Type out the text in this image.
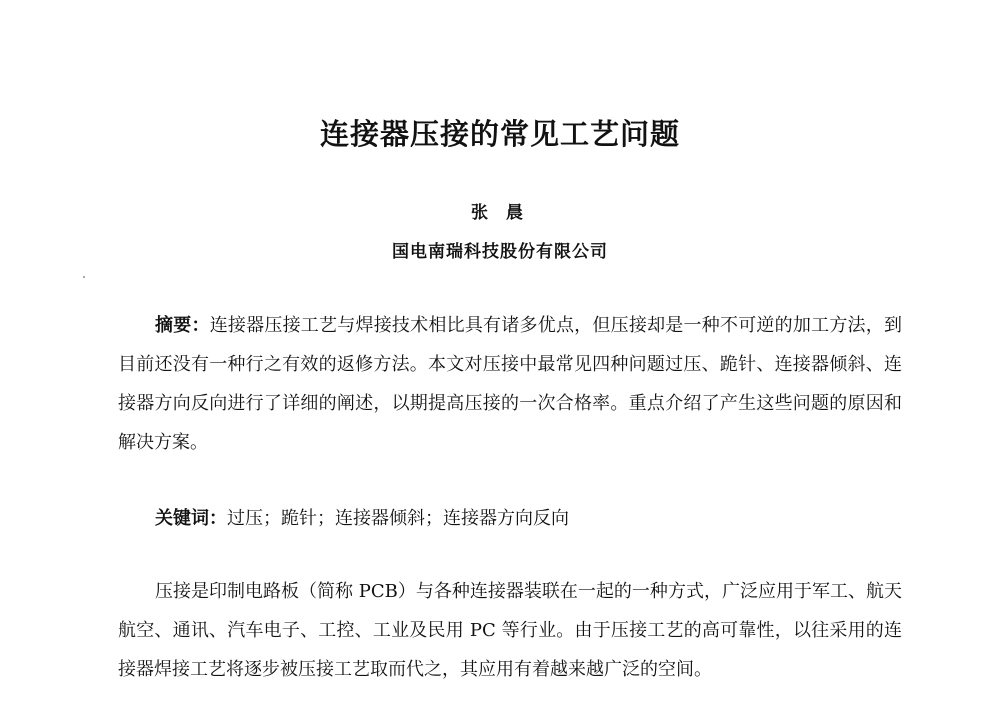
连接器压接的常见工艺问题
张 晨
国电南瑞科技股份有限公司

摘要：连接器压接工艺与焊接技术相比具有诸多优点，但压接却是一种不可逆的加工方法，到目前还没有一种行之有效的返修方法。本文对压接中最常见四种问题过压、跪针、连接器倾斜、连接器方向反向进行了详细的阐述，以期提高压接的一次合格率。重点介绍了产生这些问题的原因和解决方案。

关键词：过压；跪针；连接器倾斜；连接器方向反向

压接是印制电路板（简称 PCB）与各种连接器装联在一起的一种方式，广泛应用于军工、航天航空、通讯、汽车电子、工控、工业及民用 PC 等行业。由于压接工艺的高可靠性，以往采用的连接器焊接工艺将逐步被压接工艺取而代之，其应用有着越来越广泛的空间。
